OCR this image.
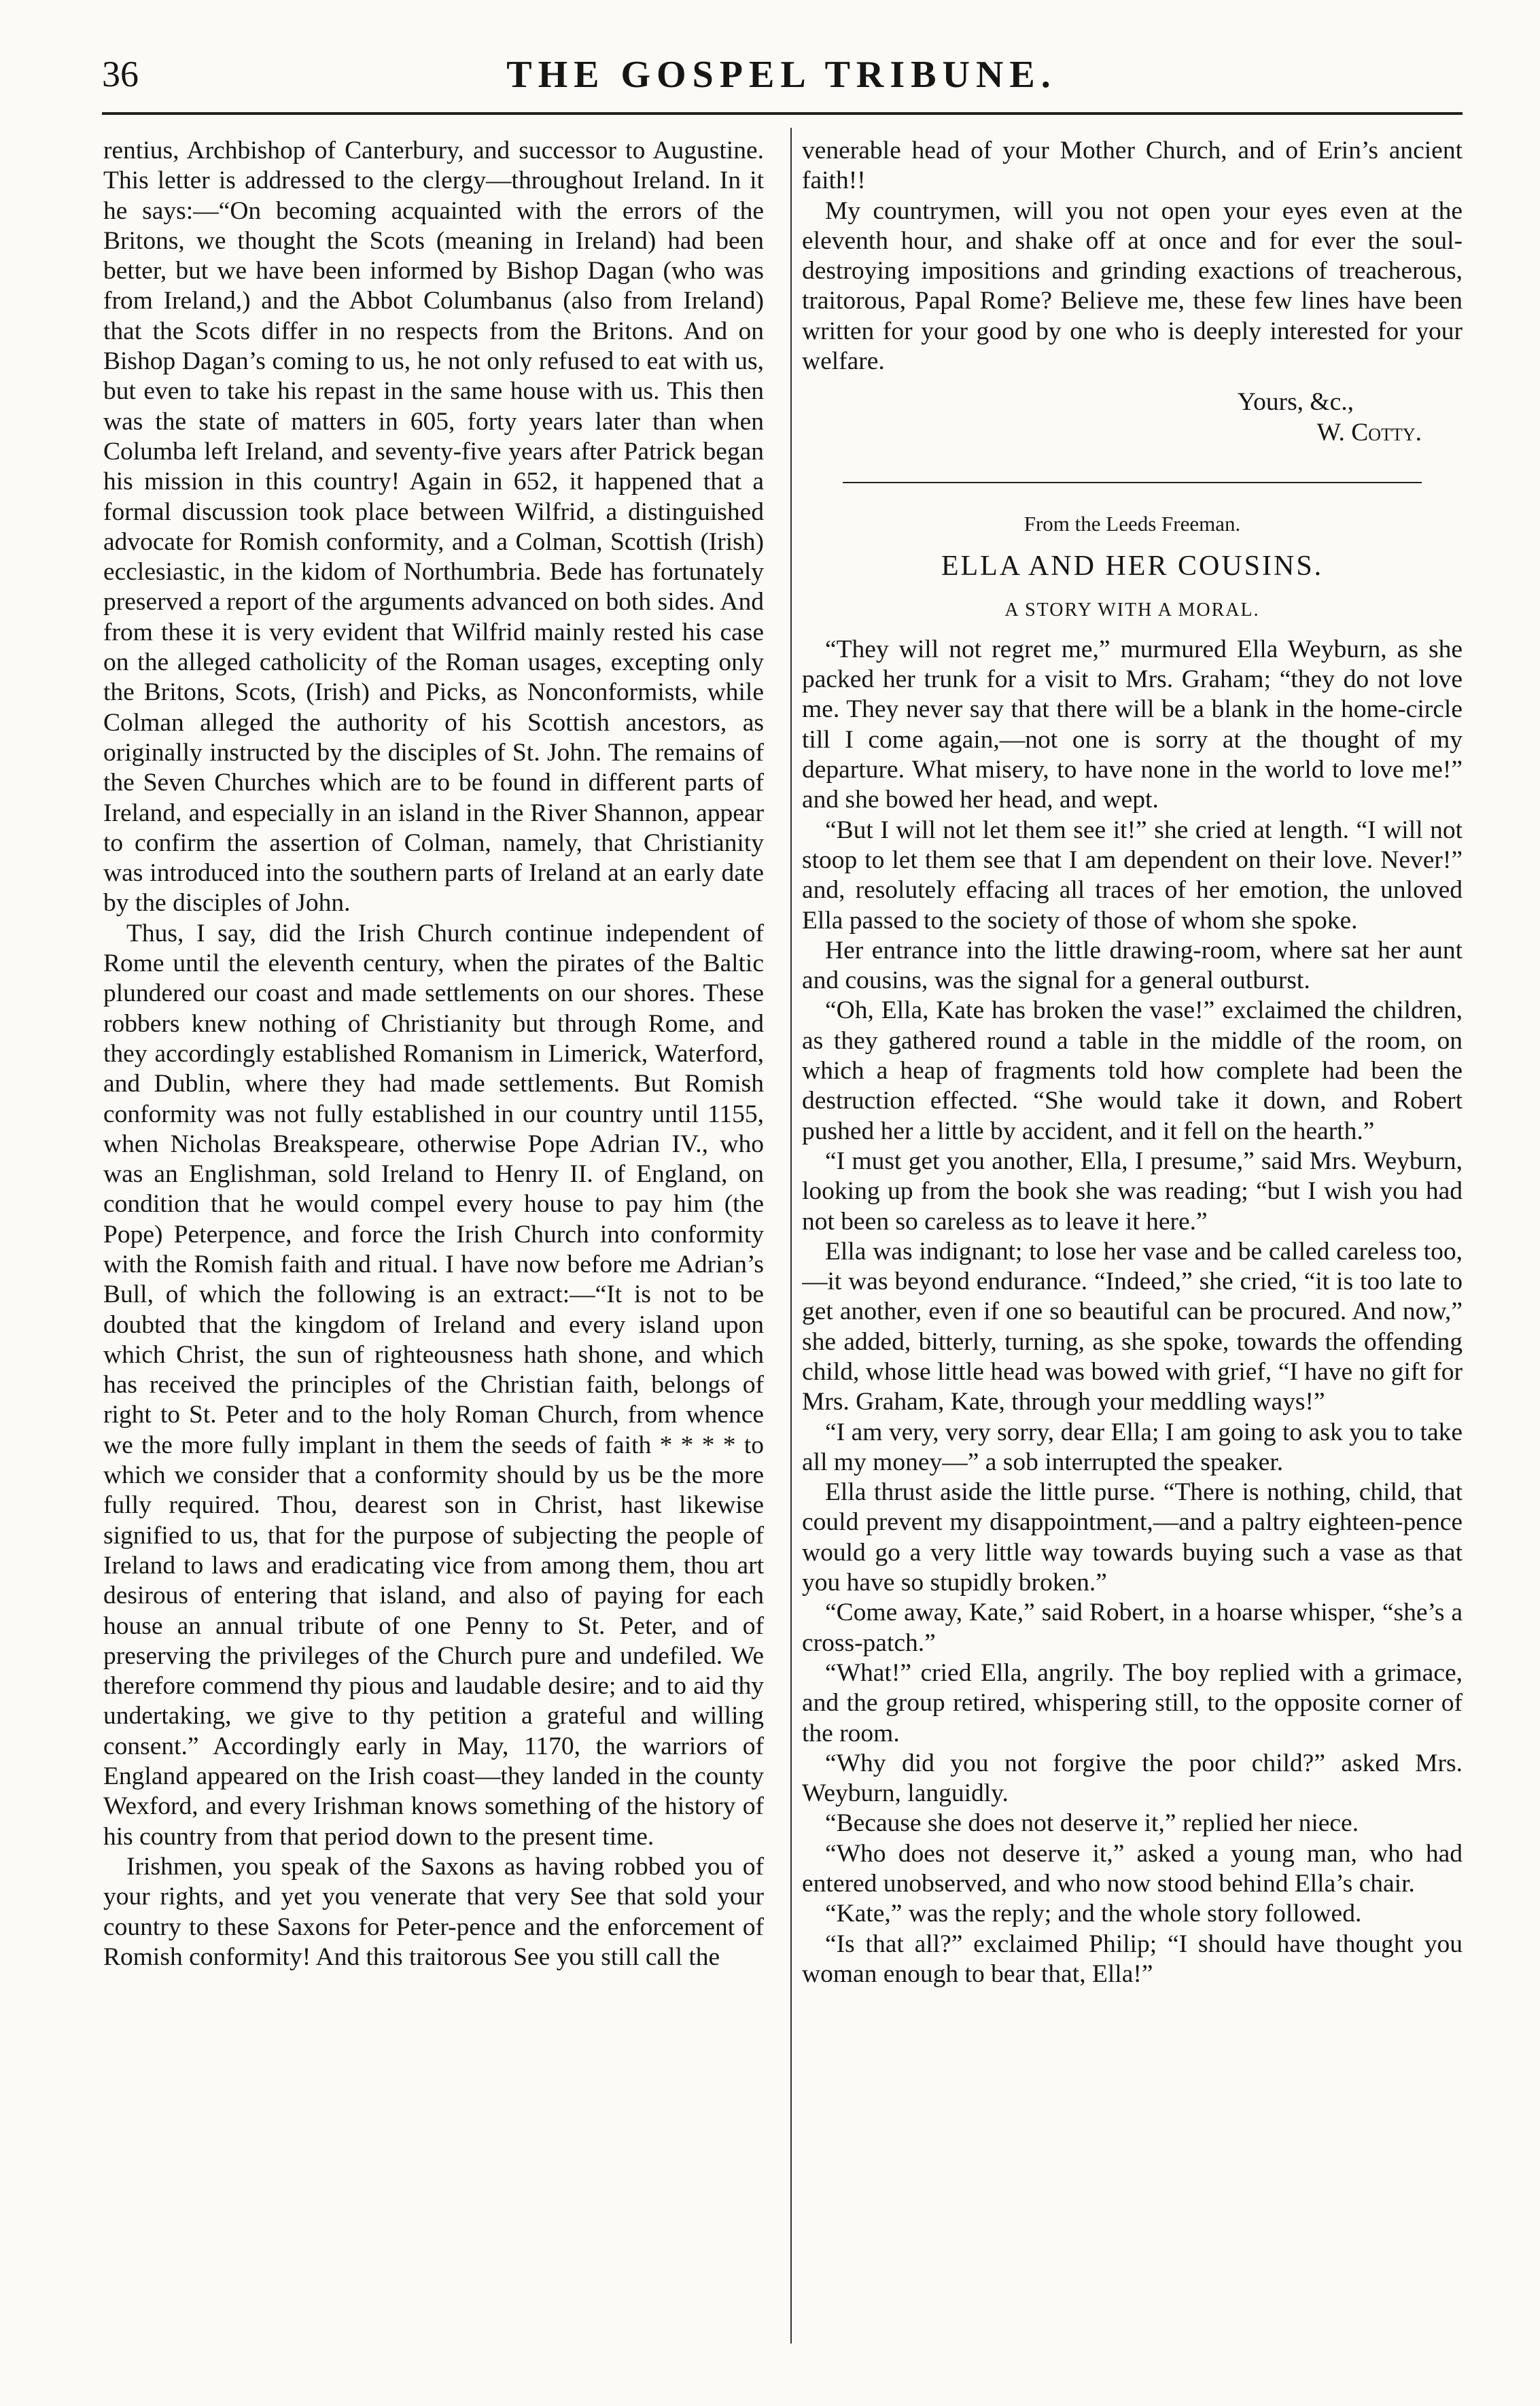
36	THE GOSPEL TRIBUNE.

rentius, Archbishop of Canterbury, and successor to Augustine. This letter is addressed to the clergy—throughout Ireland. In it he says:—“On becoming acquainted with the errors of the Britons, we thought the Scots (meaning in Ireland) had been better, but we have been informed by Bishop Dagan (who was from Ireland,) and the Abbot Columbanus (also from Ireland) that the Scots differ in no respects from the Britons. And on Bishop Dagan’s coming to us, he not only refused to eat with us, but even to take his repast in the same house with us. This then was the state of matters in 605, forty years later than when Columba left Ireland, and seventy-five years after Patrick began his mission in this country! Again in 652, it happened that a formal discussion took place between Wilfrid, a distinguished advocate for Romish conformity, and a Colman, Scottish (Irish) ecclesiastic, in the kidom of Northumbria. Bede has fortunately preserved a report of the arguments advanced on both sides. And from these it is very evident that Wilfrid mainly rested his case on the alleged catholicity of the Roman usages, excepting only the Britons, Scots, (Irish) and Picks, as Nonconformists, while Colman alleged the authority of his Scottish ancestors, as originally instructed by the disciples of St. John. The remains of the Seven Churches which are to be found in different parts of Ireland, and especially in an island in the River Shannon, appear to confirm the assertion of Colman, namely, that Christianity was introduced into the southern parts of Ireland at an early date by the disciples of John.

Thus, I say, did the Irish Church continue independent of Rome until the eleventh century, when the pirates of the Baltic plundered our coast and made settlements on our shores. These robbers knew nothing of Christianity but through Rome, and they accordingly established Romanism in Limerick, Waterford, and Dublin, where they had made settlements. But Romish conformity was not fully established in our country until 1155, when Nicholas Breakspeare, otherwise Pope Adrian IV., who was an Englishman, sold Ireland to Henry II. of England, on condition that he would compel every house to pay him (the Pope) Peterpence, and force the Irish Church into conformity with the Romish faith and ritual. I have now before me Adrian’s Bull, of which the following is an extract:—“It is not to be doubted that the kingdom of Ireland and every island upon which Christ, the sun of righteousness hath shone, and which has received the principles of the Christian faith, belongs of right to St. Peter and to the holy Roman Church, from whence we the more fully implant in them the seeds of faith * * * * to which we consider that a conformity should by us be the more fully required. Thou, dearest son in Christ, hast likewise signified to us, that for the purpose of subjecting the people of Ireland to laws and eradicating vice from among them, thou art desirous of entering that island, and also of paying for each house an annual tribute of one Penny to St. Peter, and of preserving the privileges of the Church pure and undefiled. We therefore commend thy pious and laudable desire; and to aid thy undertaking, we give to thy petition a grateful and willing consent.” Accordingly early in May, 1170, the warriors of England appeared on the Irish coast—they landed in the county Wexford, and every Irishman knows something of the history of his country from that period down to the present time.

Irishmen, you speak of the Saxons as having robbed you of your rights, and yet you venerate that very See that sold your country to these Saxons for Peter-pence and the enforcement of Romish conformity! And this traitorous See you still call the

venerable head of your Mother Church, and of Erin’s ancient faith!!

My countrymen, will you not open your eyes even at the eleventh hour, and shake off at once and for ever the soul-destroying impositions and grinding exactions of treacherous, traitorous, Papal Rome? Believe me, these few lines have been written for your good by one who is deeply interested for your welfare.

Yours, &c.,

W. Cotty.

From the Leeds Freeman.

ELLA AND HER COUSINS.

A STORY WITH A MORAL.

“They will not regret me,” murmured Ella Weyburn, as she packed her trunk for a visit to Mrs. Graham; “they do not love me. They never say that there will be a blank in the home-circle till I come again,—not one is sorry at the thought of my departure. What misery, to have none in the world to love me!” and she bowed her head, and wept.

“But I will not let them see it!” she cried at length. “I will not stoop to let them see that I am dependent on their love. Never!” and, resolutely effacing all traces of her emotion, the unloved Ella passed to the society of those of whom she spoke.

Her entrance into the little drawing-room, where sat her aunt and cousins, was the signal for a general outburst.

“Oh, Ella, Kate has broken the vase!” exclaimed the children, as they gathered round a table in the middle of the room, on which a heap of fragments told how complete had been the destruction effected. “She would take it down, and Robert pushed her a little by accident, and it fell on the hearth.”

“I must get you another, Ella, I presume,” said Mrs. Weyburn, looking up from the book she was reading; “but I wish you had not been so careless as to leave it here.”

Ella was indignant; to lose her vase and be called careless too,—it was beyond endurance. “Indeed,” she cried, “it is too late to get another, even if one so beautiful can be procured. And now,” she added, bitterly, turning, as she spoke, towards the offending child, whose little head was bowed with grief, “I have no gift for Mrs. Graham, Kate, through your meddling ways!”

“I am very, very sorry, dear Ella; I am going to ask you to take all my money—” a sob interrupted the speaker.

Ella thrust aside the little purse. “There is nothing, child, that could prevent my disappointment,—and a paltry eighteen-pence would go a very little way towards buying such a vase as that you have so stupidly broken.”

“Come away, Kate,” said Robert, in a hoarse whisper, “she’s a cross-patch.”

“What!” cried Ella, angrily. The boy replied with a grimace, and the group retired, whispering still, to the opposite corner of the room.

“Why did you not forgive the poor child?” asked Mrs. Weyburn, languidly.

“Because she does not deserve it,” replied her niece.

“Who does not deserve it,” asked a young man, who had entered unobserved, and who now stood behind Ella’s chair.

“Kate,” was the reply; and the whole story followed.

“Is that all?” exclaimed Philip; “I should have thought you woman enough to bear that, Ella!”
